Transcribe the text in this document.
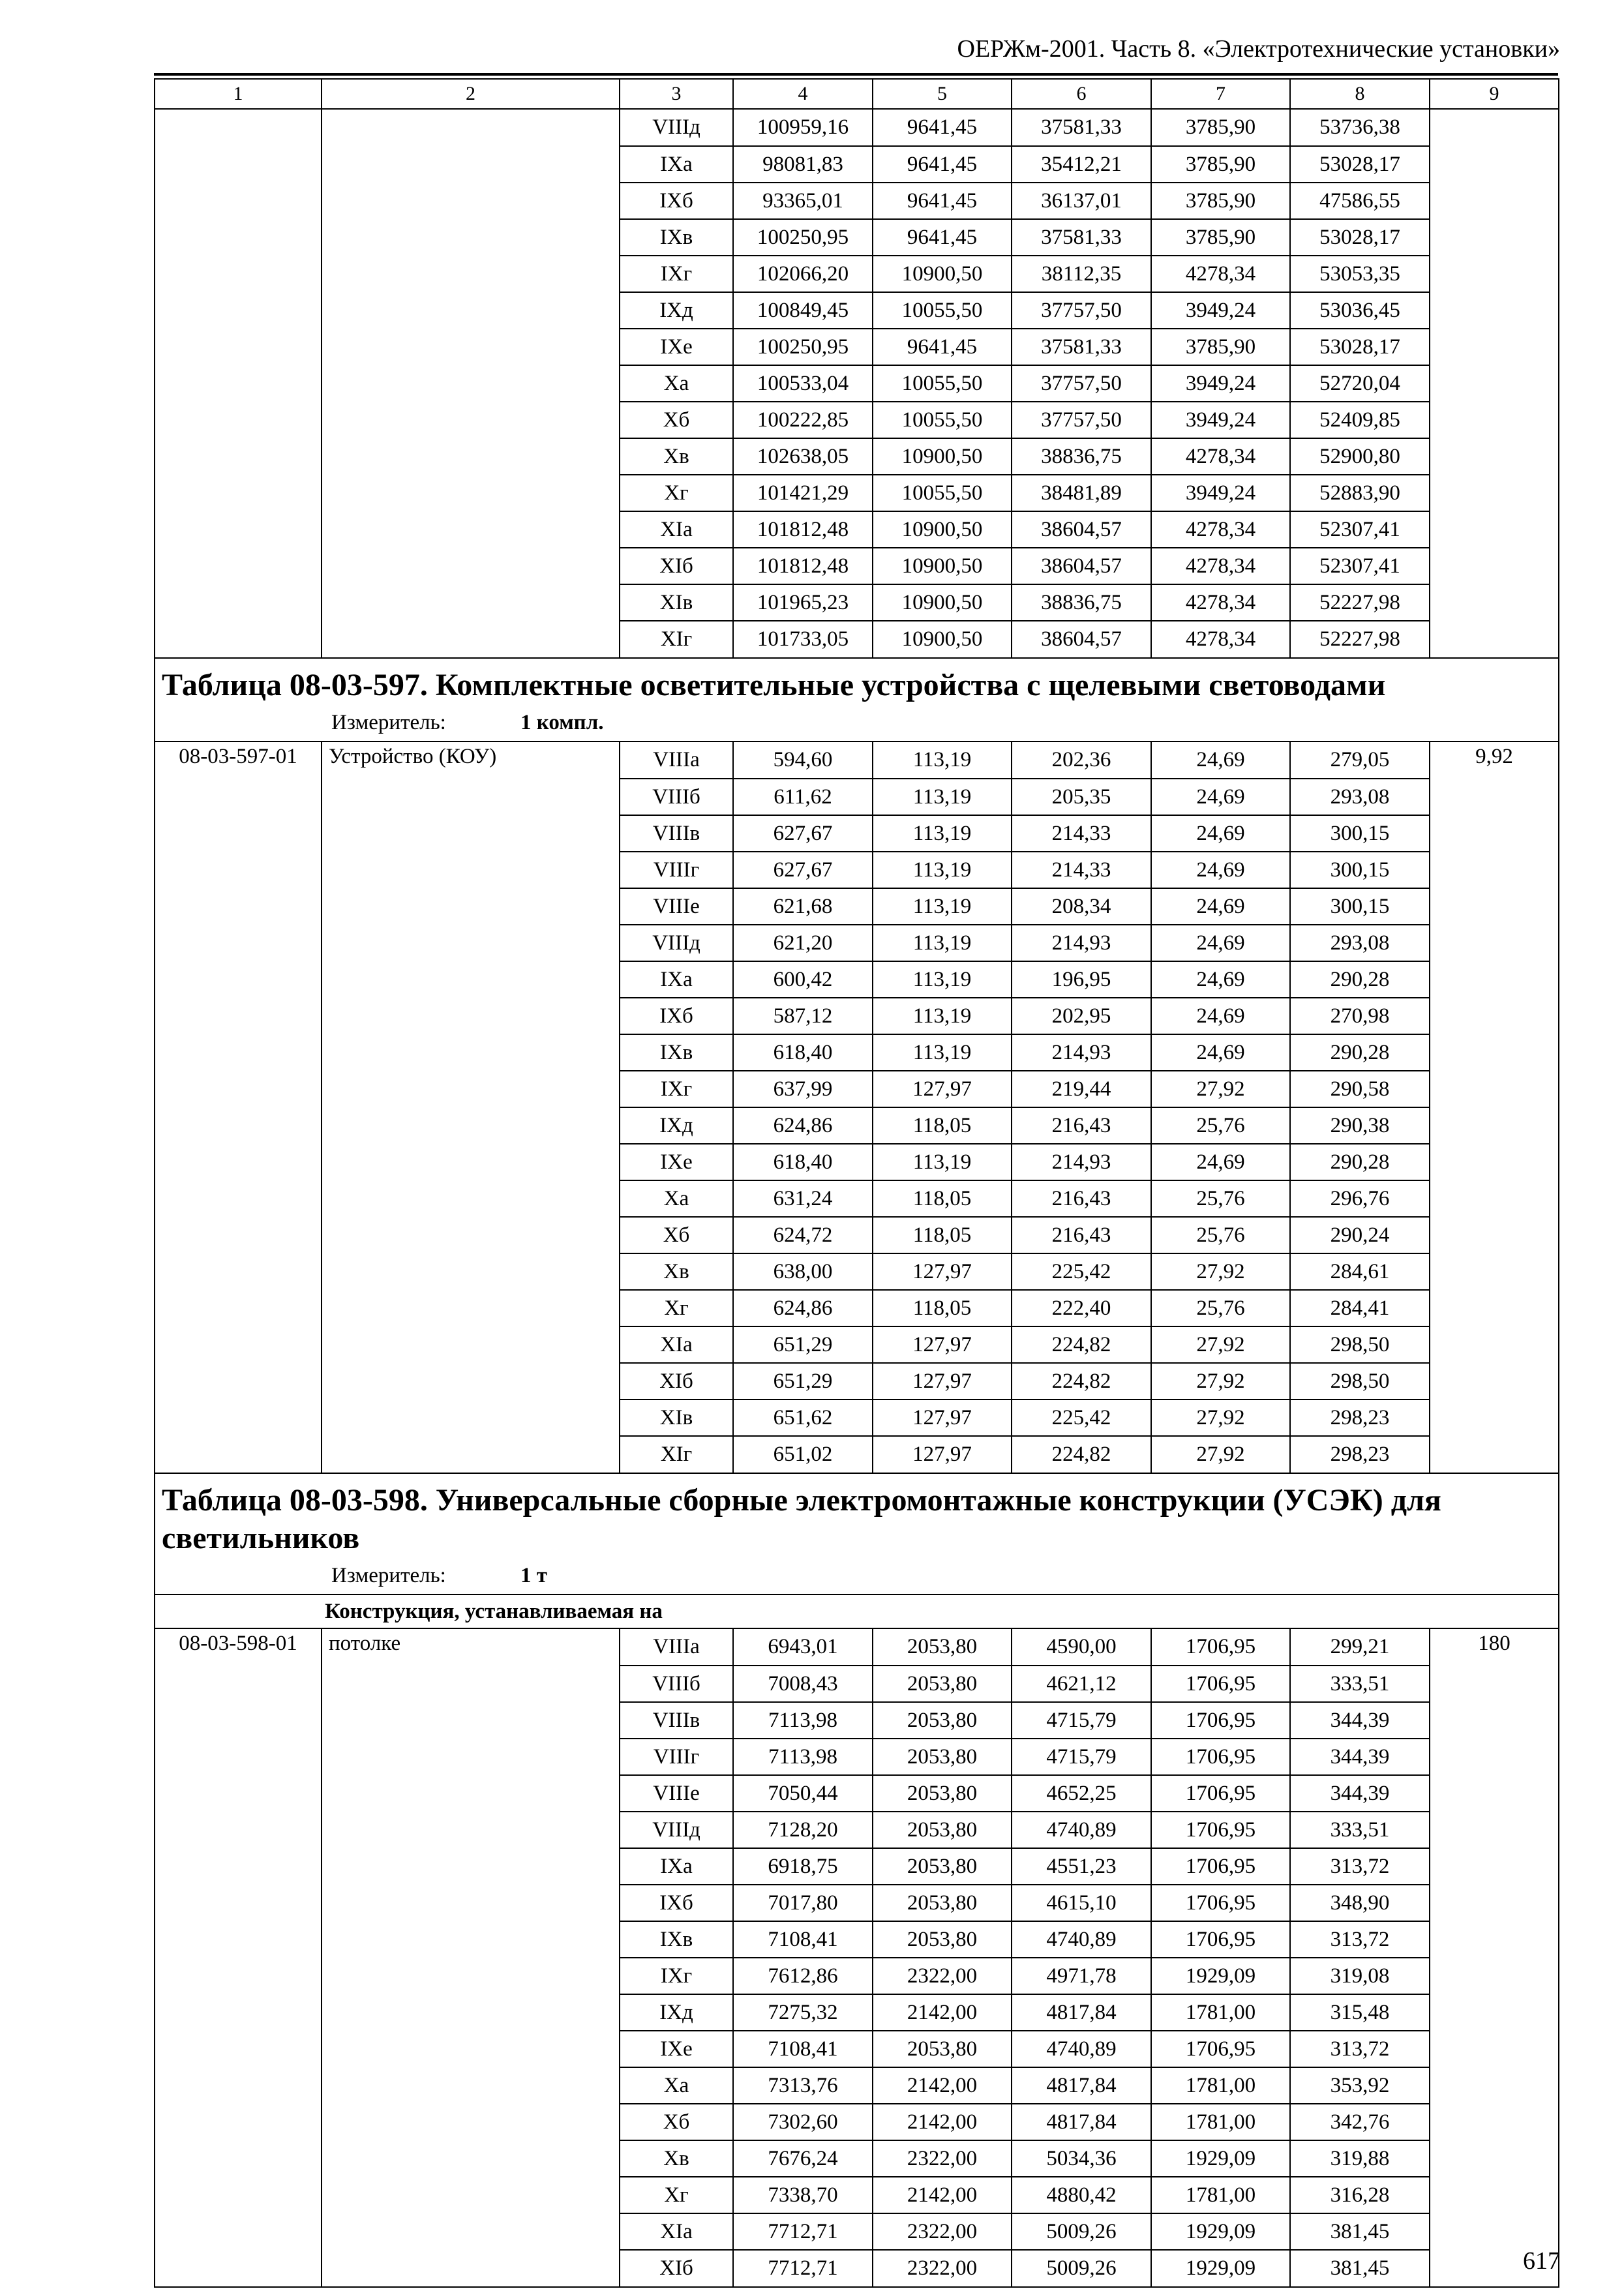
ОЕРЖм-2001. Часть 8. «Электротехнические установки»
1	2	3	4	5	6	7	8	9
		VIIIд	100959,16	9641,45	37581,33	3785,90	53736,38	
		IXа	98081,83	9641,45	35412,21	3785,90	53028,17	
		IXб	93365,01	9641,45	36137,01	3785,90	47586,55	
		IXв	100250,95	9641,45	37581,33	3785,90	53028,17	
		IXг	102066,20	10900,50	38112,35	4278,34	53053,35	
		IXд	100849,45	10055,50	37757,50	3949,24	53036,45	
		IXе	100250,95	9641,45	37581,33	3785,90	53028,17	
		Xа	100533,04	10055,50	37757,50	3949,24	52720,04	
		Xб	100222,85	10055,50	37757,50	3949,24	52409,85	
		Xв	102638,05	10900,50	38836,75	4278,34	52900,80	
		Xг	101421,29	10055,50	38481,89	3949,24	52883,90	
		XIа	101812,48	10900,50	38604,57	4278,34	52307,41	
		XIб	101812,48	10900,50	38604,57	4278,34	52307,41	
		XIв	101965,23	10900,50	38836,75	4278,34	52227,98	
		XIг	101733,05	10900,50	38604,57	4278,34	52227,98	

Таблица 08-03-597. Комплектные осветительные устройства с щелевыми световодами
Измеритель: 1 компл.								

08-03-597-01	Устройство (КОУ)	VIIIа	594,60	113,19	202,36	24,69	279,05	9,92
		VIIIб	611,62	113,19	205,35	24,69	293,08	
		VIIIв	627,67	113,19	214,33	24,69	300,15	
		VIIIг	627,67	113,19	214,33	24,69	300,15	
		VIIIе	621,68	113,19	208,34	24,69	300,15	
		VIIIд	621,20	113,19	214,93	24,69	293,08	
		IXа	600,42	113,19	196,95	24,69	290,28	
		IXб	587,12	113,19	202,95	24,69	270,98	
		IXв	618,40	113,19	214,93	24,69	290,28	
		IXг	637,99	127,97	219,44	27,92	290,58	
		IXд	624,86	118,05	216,43	25,76	290,38	
		IXе	618,40	113,19	214,93	24,69	290,28	
		Xа	631,24	118,05	216,43	25,76	296,76	
		Xб	624,72	118,05	216,43	25,76	290,24	
		Xв	638,00	127,97	225,42	27,92	284,61	
		Xг	624,86	118,05	222,40	25,76	284,41	
		XIа	651,29	127,97	224,82	27,92	298,50	
		XIб	651,29	127,97	224,82	27,92	298,50	
		XIв	651,62	127,97	225,42	27,92	298,23	
		XIг	651,02	127,97	224,82	27,92	298,23	

Таблица 08-03-598. Универсальные сборные электромонтажные конструкции (УСЭК) для светильников
Измеритель: 1 т								

Конструкция, устанавливаемая на								
08-03-598-01	потолке	VIIIа	6943,01	2053,80	4590,00	1706,95	299,21	180
		VIIIб	7008,43	2053,80	4621,12	1706,95	333,51	
		VIIIв	7113,98	2053,80	4715,79	1706,95	344,39	
		VIIIг	7113,98	2053,80	4715,79	1706,95	344,39	
		VIIIе	7050,44	2053,80	4652,25	1706,95	344,39	
		VIIIд	7128,20	2053,80	4740,89	1706,95	333,51	
		IXа	6918,75	2053,80	4551,23	1706,95	313,72	
		IXб	7017,80	2053,80	4615,10	1706,95	348,90	
		IXв	7108,41	2053,80	4740,89	1706,95	313,72	
		IXг	7612,86	2322,00	4971,78	1929,09	319,08	
		IXд	7275,32	2142,00	4817,84	1781,00	315,48	
		IXе	7108,41	2053,80	4740,89	1706,95	313,72	
		Xа	7313,76	2142,00	4817,84	1781,00	353,92	
		Xб	7302,60	2142,00	4817,84	1781,00	342,76	
		Xв	7676,24	2322,00	5034,36	1929,09	319,88	
		Xг	7338,70	2142,00	4880,42	1781,00	316,28	
		XIа	7712,71	2322,00	5009,26	1929,09	381,45	
		XIб	7712,71	2322,00	5009,26	1929,09	381,45		617
